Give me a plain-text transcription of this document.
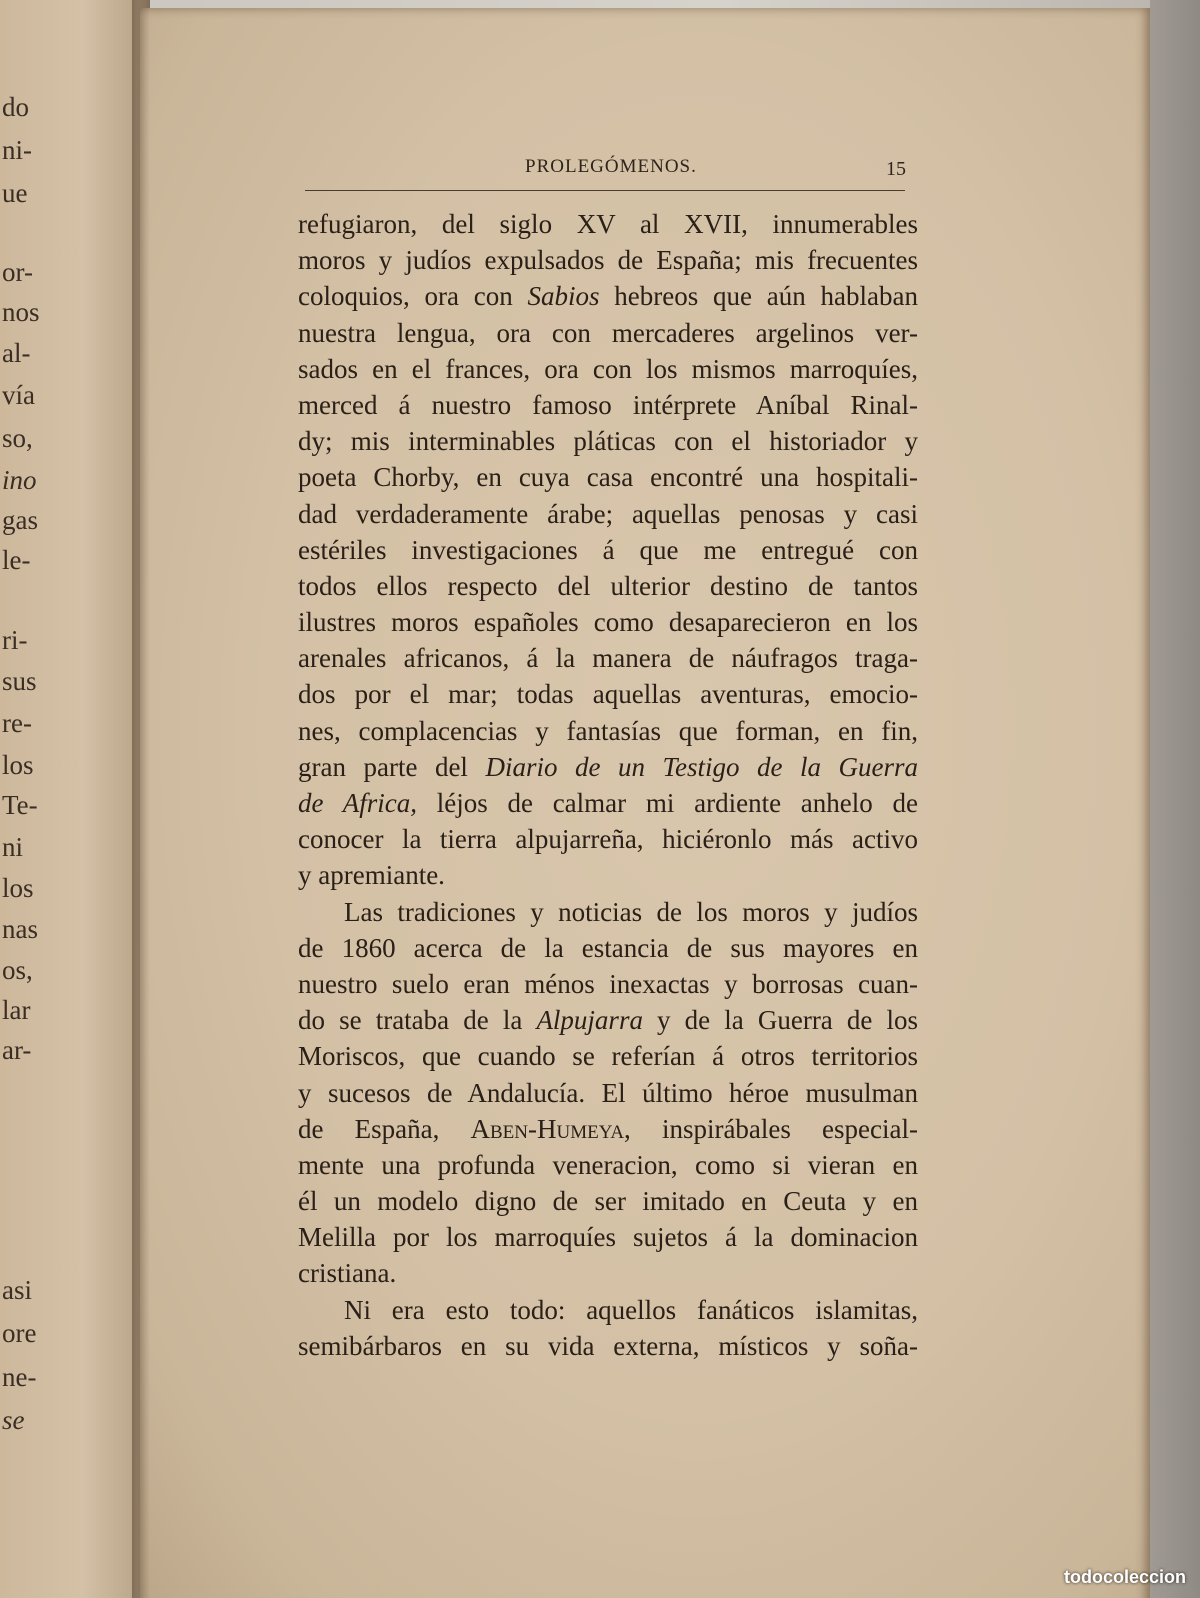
do
ni-
ue
or-
nos
al-
vía
so,
ino
gas
le-
ri-
sus
re-
los
Te-
ni
los
nas
os,
lar
ar-
asi
ore
ne-
se
PROLEGÓMENOS.	15
refugiaron, del siglo XV al XVII, innumerables
moros y judíos expulsados de España; mis frecuentes
coloquios, ora con Sabios hebreos que aún hablaban
nuestra lengua, ora con mercaderes argelinos ver-
sados en el frances, ora con los mismos marroquíes,
merced á nuestro famoso intérprete Aníbal Rinal-
dy; mis interminables pláticas con el historiador y
poeta Chorby, en cuya casa encontré una hospitali-
dad verdaderamente árabe; aquellas penosas y casi
estériles investigaciones á que me entregué con
todos ellos respecto del ulterior destino de tantos
ilustres moros españoles como desaparecieron en los
arenales africanos, á la manera de náufragos traga-
dos por el mar; todas aquellas aventuras, emocio-
nes, complacencias y fantasías que forman, en fin,
gran parte del Diario de un Testigo de la Guerra
de Africa, léjos de calmar mi ardiente anhelo de
conocer la tierra alpujarreña, hiciéronlo más activo
y apremiante.
Las tradiciones y noticias de los moros y judíos
de 1860 acerca de la estancia de sus mayores en
nuestro suelo eran ménos inexactas y borrosas cuan-
do se trataba de la Alpujarra y de la Guerra de los
Moriscos, que cuando se referían á otros territorios
y sucesos de Andalucía. El último héroe musulman
de España, Aben-Humeya, inspirábales especial-
mente una profunda veneracion, como si vieran en
él un modelo digno de ser imitado en Ceuta y en
Melilla por los marroquíes sujetos á la dominacion
cristiana.
Ni era esto todo: aquellos fanáticos islamitas,
semibárbaros en su vida externa, místicos y soña-
todocoleccion
